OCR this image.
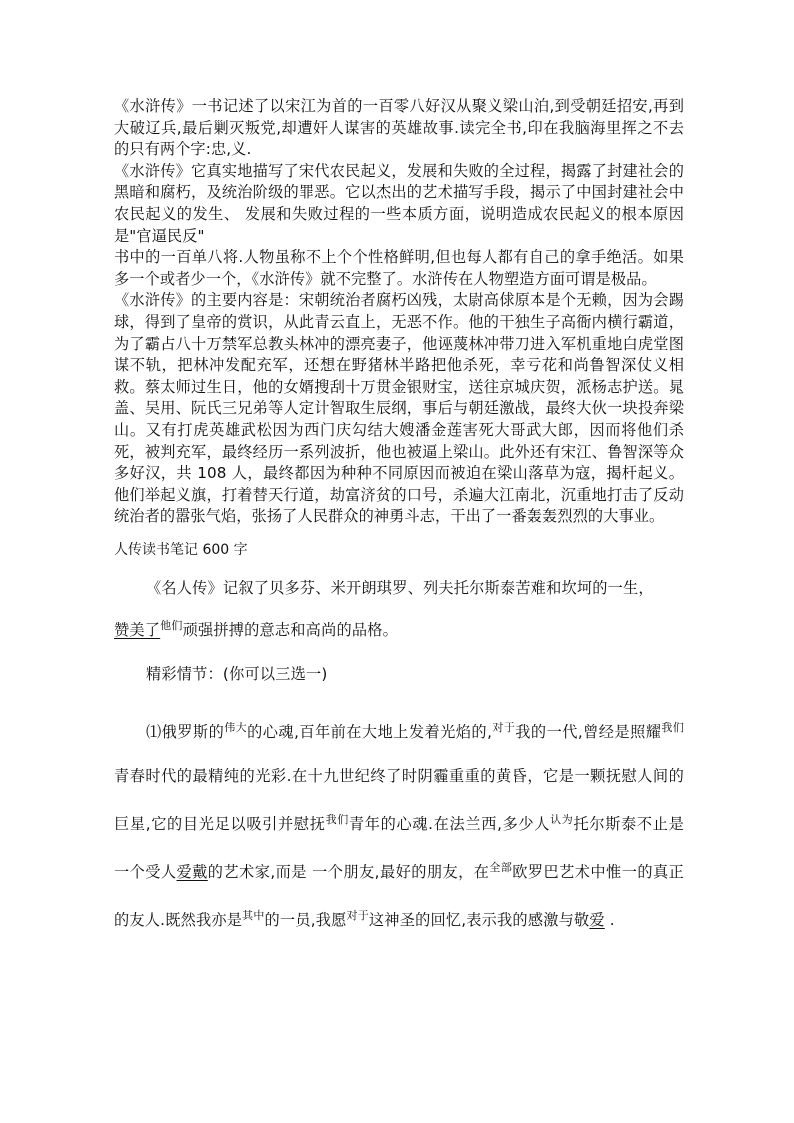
《水浒传》一书记述了以宋江为首的一百零八好汉从聚义梁山泊,到受朝廷招安,再到大破辽兵,最后剿灭叛党,却遭奸人谋害的英雄故事.读完全书,印在我脑海里挥之不去的只有两个字:忠,义.

《水浒传》它真实地描写了宋代农民起义，发展和失败的全过程，揭露了封建社会的黑暗和腐朽，及统治阶级的罪恶。它以杰出的艺术描写手段，揭示了中国封建社会中农民起义的发生、 发展和失败过程的一些本质方面，说明造成农民起义的根本原因是"官逼民反"

书中的一百单八将.人物虽称不上个个性格鲜明,但也每人都有自己的拿手绝活。如果多一个或者少一个，《水浒传》就不完整了。水浒传在人物塑造方面可谓是极品。

《水浒传》的主要内容是：宋朝统治者腐朽凶残，太尉高俅原本是个无赖，因为会踢球，得到了皇帝的赏识，从此青云直上，无恶不作。他的干独生子高衙内横行霸道，为了霸占八十万禁军总教头林冲的漂亮妻子，他诬蔑林冲带刀进入军机重地白虎堂图谋不轨，把林冲发配充军，还想在野猪林半路把他杀死，幸亏花和尚鲁智深仗义相救。蔡太师过生日，他的女婿搜刮十万贯金银财宝，送往京城庆贺，派杨志护送。晁盖、吴用、阮氏三兄弟等人定计智取生辰纲，事后与朝廷激战，最终大伙一块投奔梁山。又有打虎英雄武松因为西门庆勾结大嫂潘金莲害死大哥武大郎，因而将他们杀死，被判充军，最终经历一系列波折，他也被逼上梁山。此外还有宋江、鲁智深等众多好汉，共 108 人，最终都因为种种不同原因而被迫在梁山落草为寇，揭杆起义。他们举起义旗，打着替天行道，劫富济贫的口号，杀遍大江南北，沉重地打击了反动统治者的嚣张气焰，张扬了人民群众的神勇斗志，干出了一番轰轰烈烈的大事业。

人传读书笔记 600 字

《名人传》记叙了贝多芬、米开朗琪罗、列夫托尔斯泰苦难和坎坷的一生，

赞美了$^{他们}$顽强拼搏的意志和高尚的品格。

精彩情节：(你可以三选一)

⑴俄罗斯的$^{伟大}$的心魂,百年前在大地上发着光焰的,$^{对于}$我的一代,曾经是照耀$^{我们}$青春时代的最精纯的光彩.在十九世纪终了时阴霾重重的黄昏，它是一颗抚慰人间的巨星,它的目光足以吸引并慰抚$^{我们}$青年的心魂.在法兰西,多少人$^{认为}$托尔斯泰不止是 一个受人爱戴的艺术家,而是 一个朋友,最好的朋友，在$^{全部}$欧罗巴艺术中惟一的真正的友人.既然我亦是$^{其中}$的一员,我愿$^{对于}$这神圣的回忆,表示我的感激与敬爱 .
